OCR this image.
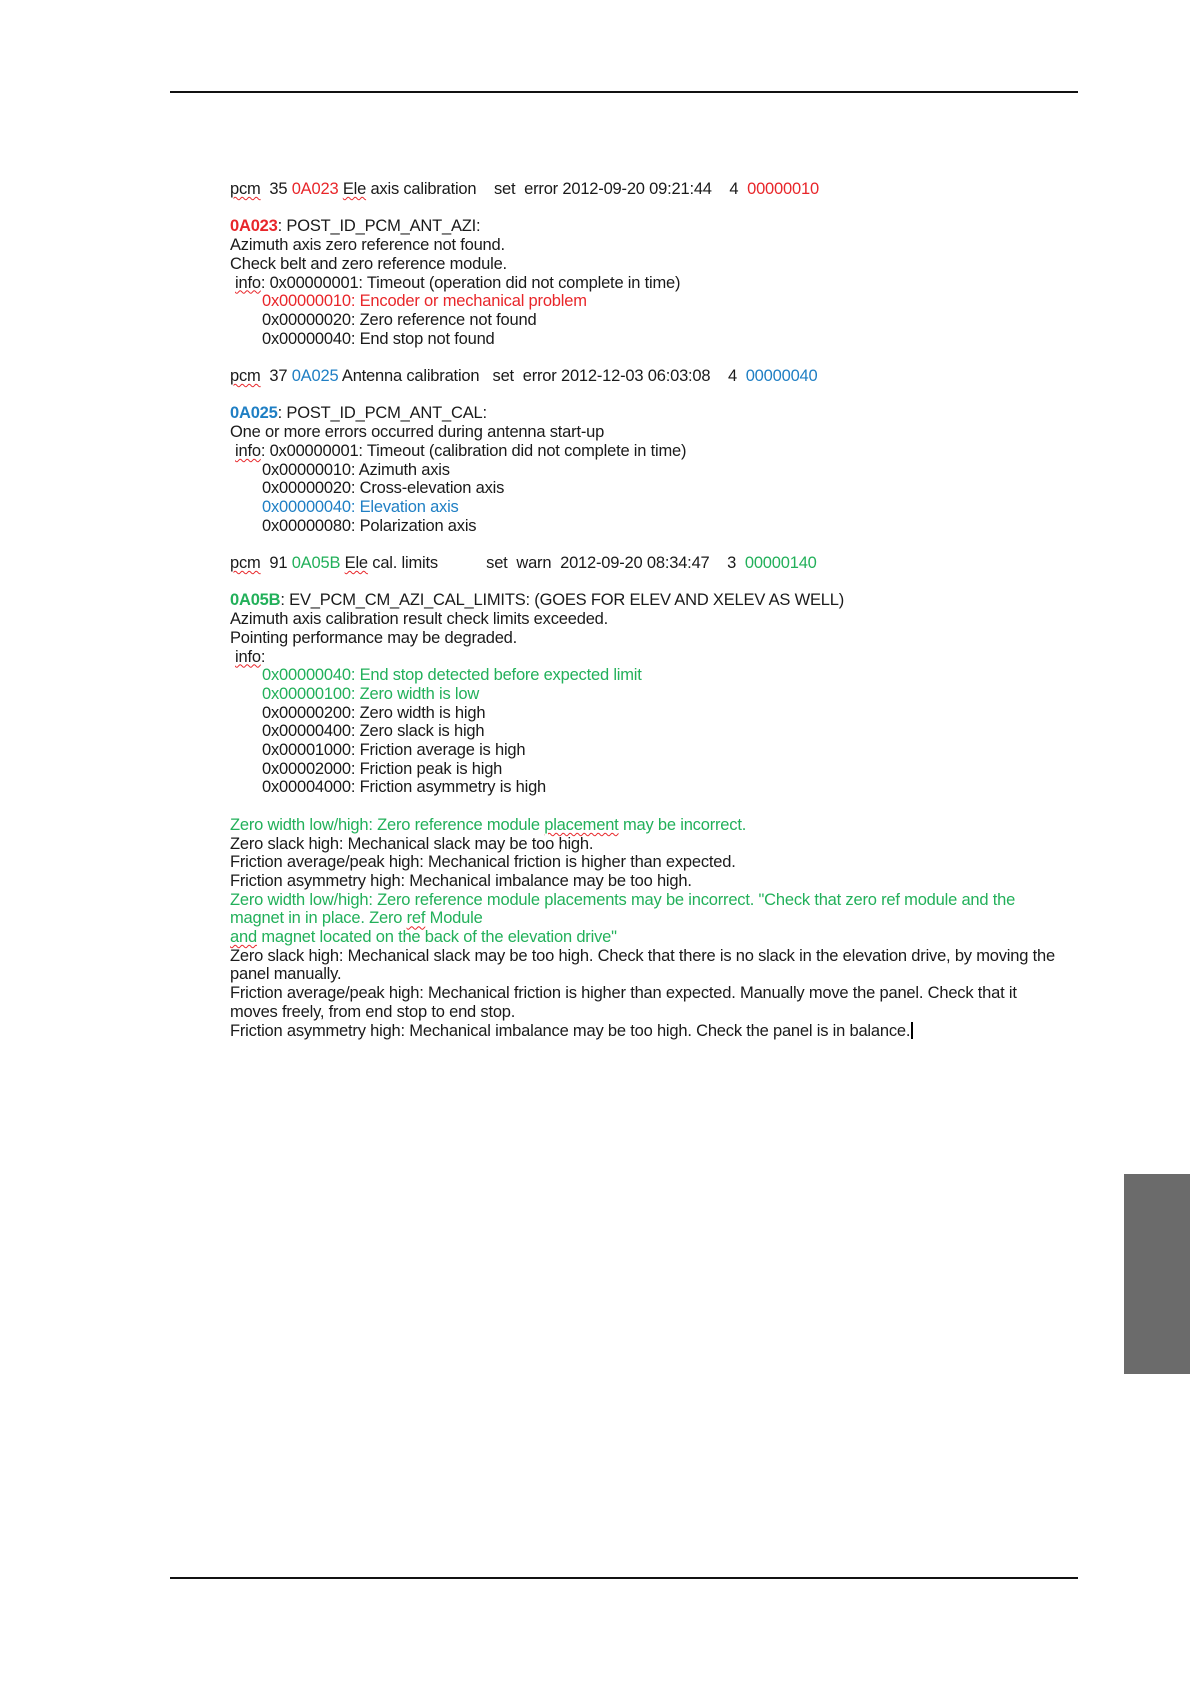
pcm 35 0A023 Ele axis calibration set error 2012-09-20 09:21:44 4 00000010
0A023: POST_ID_PCM_ANT_AZI:
Azimuth axis zero reference not found.
Check belt and zero reference module.
info: 0x00000001: Timeout (operation did not complete in time)
0x00000010: Encoder or mechanical problem
0x00000020: Zero reference not found
0x00000040: End stop not found
pcm 37 0A025 Antenna calibration set error 2012-12-03 06:03:08 4 00000040
0A025: POST_ID_PCM_ANT_CAL:
One or more errors occurred during antenna start-up
info: 0x00000001: Timeout (calibration did not complete in time)
0x00000010: Azimuth axis
0x00000020: Cross-elevation axis
0x00000040: Elevation axis
0x00000080: Polarization axis
pcm 91 0A05B Ele cal. limits	set warn 2012-09-20 08:34:47 3 00000140
0A05B: EV_PCM_CM_AZI_CAL_LIMITS: (GOES FOR ELEV AND XELEV AS WELL)
Azimuth axis calibration result check limits exceeded.
Pointing performance may be degraded.
info:
0x00000040: End stop detected before expected limit
0x00000100: Zero width is low
0x00000200: Zero width is high
0x00000400: Zero slack is high
0x00001000: Friction average is high
0x00002000: Friction peak is high
0x00004000: Friction asymmetry is high
Zero width low/high: Zero reference module placement may be incorrect.
Zero slack high: Mechanical slack may be too high.
Friction average/peak high: Mechanical friction is higher than expected.
Friction asymmetry high: Mechanical imbalance may be too high.
Zero width low/high: Zero reference module placements may be incorrect. "Check that zero ref module and the magnet in in place. Zero ref Module
and magnet located on the back of the elevation drive"
Zero slack high: Mechanical slack may be too high. Check that there is no slack in the elevation drive, by moving the panel manually.
Friction average/peak high: Mechanical friction is higher than expected. Manually move the panel. Check that it moves freely, from end stop to end stop.
Friction asymmetry high: Mechanical imbalance may be too high. Check the panel is in balance.
